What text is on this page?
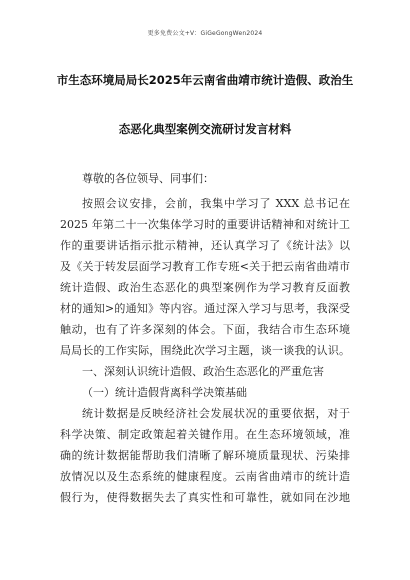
更多免费公文+V：GiGeGongWen2024
市生态环境局局长2025年云南省曲靖市统计造假、政治生
态恶化典型案例交流研讨发言材料
尊敬的各位领导、同事们：
按照会议安排，会前，我集中学习了 XXX 总书记在
2025 年第二十一次集体学习时的重要讲话精神和对统计工
作的重要讲话指示批示精神，还认真学习了《统计法》以
及《关于转发层面学习教育工作专班<关于把云南省曲靖市
统计造假、政治生态恶化的典型案例作为学习教育反面教
材的通知>的通知》等内容。通过深入学习与思考，我深受
触动，也有了许多深刻的体会。下面，我结合市生态环境
局局长的工作实际，围绕此次学习主题，谈一谈我的认识。
一、深刻认识统计造假、政治生态恶化的严重危害
（一）统计造假背离科学决策基础
统计数据是反映经济社会发展状况的重要依据，对于
科学决策、制定政策起着关键作用。在生态环境领域，准
确的统计数据能帮助我们清晰了解环境质量现状、污染排
放情况以及生态系统的健康程度。云南省曲靖市的统计造
假行为，使得数据失去了真实性和可靠性，就如同在沙地
